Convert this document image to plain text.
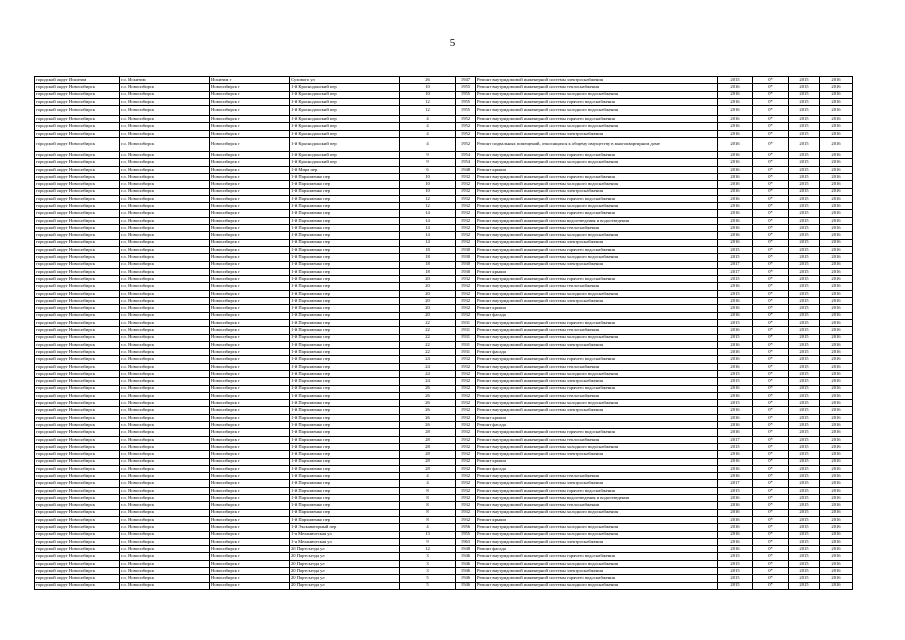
5
городской округ Искитим	г.о. Искитим	Искитим г	Сухового ул	26	1947	Ремонт внутридомовой инженерной системы электроснабжения	2015	0*	2015	2016
городской округ Новосибирск	г.о. Новосибирск	Новосибирск г	1-й Краснодонский пер	10	1955	Ремонт внутридомовой инженерной системы теплоснабжения	2016	0*	2015	2016
городской округ Новосибирск	г.о. Новосибирск	Новосибирск г	1-й Краснодонский пер	10	1955	Ремонт внутридомовой инженерной системы холодного водоснабжения	2016	0*	2015	2016
городской округ Новосибирск	г.о. Новосибирск	Новосибирск г	1-й Краснодонский пер	12	1955	Ремонт внутридомовой инженерной системы горячего водоснабжения	2016	0*	2015	2016
городской округ Новосибирск	г.о. Новосибирск	Новосибирск г	1-й Краснодонский пер	12	1955	Ремонт внутридомовой инженерной системы холодного водоснабжения	2016	0*	2015	2016
городской округ Новосибирск	г.о. Новосибирск	Новосибирск г	1-й Краснодонский пер	4	1952	Ремонт внутридомовой инженерной системы горячего водоснабжения	2016	0*	2015	2016
городской округ Новосибирск	г.о. Новосибирск	Новосибирск г	1-й Краснодонский пер	4	1952	Ремонт внутридомовой инженерной системы холодного водоснабжения	2016	0*	2015	2016
городской округ Новосибирск	г.о. Новосибирск	Новосибирск г	1-й Краснодонский пер	4	1952	Ремонт внутридомовой инженерной системы электроснабжения	2016	0*	2015	2016
городской округ Новосибирск	г.о. Новосибирск	Новосибирск г	1-й Краснодонский пер	4	1952	Ремонт подвальных помещений, относящихся к общему имуществу в многоквартирном доме	2016	0*	2015	2016
городской округ Новосибирск	г.о. Новосибирск	Новосибирск г	1-й Краснодонский пер	9	1954	Ремонт внутридомовой инженерной системы горячего водоснабжения	2016	0*	2015	2016
городской округ Новосибирск	г.о. Новосибирск	Новосибирск г	1-й Краснодонский пер	9	1954	Ремонт внутридомовой инженерной системы холодного водоснабжения	2016	0*	2015	2016
городской округ Новосибирск	г.о. Новосибирск	Новосибирск г	1-й Мира пер	6	1948	Ремонт крыши	2016	0*	2015	2016
городской округ Новосибирск	г.о. Новосибирск	Новосибирск г	1-й Пархоменко пер	10	1932	Ремонт внутридомовой инженерной системы горячего водоснабжения	2016	0*	2015	2016
городской округ Новосибирск	г.о. Новосибирск	Новосибирск г	1-й Пархоменко пер	10	1932	Ремонт внутридомовой инженерной системы холодного водоснабжения	2016	0*	2015	2016
городской округ Новосибирск	г.о. Новосибирск	Новосибирск г	1-й Пархоменко пер	10	1932	Ремонт внутридомовой инженерной системы электроснабжения	2016	0*	2015	2016
городской округ Новосибирск	г.о. Новосибирск	Новосибирск г	1-й Пархоменко пер	12	1932	Ремонт внутридомовой инженерной системы горячего водоснабжения	2016	0*	2015	2016
городской округ Новосибирск	г.о. Новосибирск	Новосибирск г	1-й Пархоменко пер	12	1932	Ремонт внутридомовой инженерной системы холодного водоснабжения	2016	0*	2015	2016
городской округ Новосибирск	г.о. Новосибирск	Новосибирск г	1-й Пархоменко пер	14	1932	Ремонт внутридомовой инженерной системы горячего водоснабжения	2016	0*	2015	2016
городской округ Новосибирск	г.о. Новосибирск	Новосибирск г	1-й Пархоменко пер	14	1932	Ремонт внутридомовой инженерной системы водоотведения и водоотведения	2016	0*	2015	2016
городской округ Новосибирск	г.о. Новосибирск	Новосибирск г	1-й Пархоменко пер	14	1932	Ремонт внутридомовой инженерной системы теплоснабжения	2016	0*	2015	2016
городской округ Новосибирск	г.о. Новосибирск	Новосибирск г	1-й Пархоменко пер	14	1932	Ремонт внутридомовой инженерной системы холодного водоснабжения	2016	0*	2015	2016
городской округ Новосибирск	г.о. Новосибирск	Новосибирск г	1-й Пархоменко пер	14	1932	Ремонт внутридомовой инженерной системы электроснабжения	2016	0*	2015	2016
городской округ Новосибирск	г.о. Новосибирск	Новосибирск г	1-й Пархоменко пер	18	1930	Ремонт внутридомовой инженерной системы горячего водоснабжения	2015	0*	2015	2016
городской округ Новосибирск	г.о. Новосибирск	Новосибирск г	1-й Пархоменко пер	18	1930	Ремонт внутридомовой инженерной системы холодного водоснабжения	2015	0*	2015	2016
городской округ Новосибирск	г.о. Новосибирск	Новосибирск г	1-й Пархоменко пер	18	1930	Ремонт внутридомовой инженерной системы электроснабжения	2017	0*	2015	2016
городской округ Новосибирск	г.о. Новосибирск	Новосибирск г	1-й Пархоменко пер	18	1930	Ремонт крыши	2017	0*	2015	2016
городской округ Новосибирск	г.о. Новосибирск	Новосибирск г	1-й Пархоменко пер	20	1932	Ремонт внутридомовой инженерной системы горячего водоснабжения	2015	0*	2015	2016
городской округ Новосибирск	г.о. Новосибирск	Новосибирск г	1-й Пархоменко пер	20	1932	Ремонт внутридомовой инженерной системы теплоснабжения	2016	0*	2015	2016
городской округ Новосибирск	г.о. Новосибирск	Новосибирск г	1-й Пархоменко пер	20	1932	Ремонт внутридомовой инженерной системы холодного водоснабжения	2015	0*	2015	2016
городской округ Новосибирск	г.о. Новосибирск	Новосибирск г	1-й Пархоменко пер	20	1932	Ремонт внутридомовой инженерной системы электроснабжения	2016	0*	2015	2016
городской округ Новосибирск	г.о. Новосибирск	Новосибирск г	1-й Пархоменко пер	20	1932	Ремонт крыши	2016	0*	2015	2016
городской округ Новосибирск	г.о. Новосибирск	Новосибирск г	1-й Пархоменко пер	20	1932	Ремонт фасада	2016	0*	2015	2016
городской округ Новосибирск	г.о. Новосибирск	Новосибирск г	1-й Пархоменко пер	22	1931	Ремонт внутридомовой инженерной системы горячего водоснабжения	2015	0*	2015	2016
городской округ Новосибирск	г.о. Новосибирск	Новосибирск г	1-й Пархоменко пер	22	1931	Ремонт внутридомовой инженерной системы теплоснабжения	2016	0*	2015	2016
городской округ Новосибирск	г.о. Новосибирск	Новосибирск г	1-й Пархоменко пер	22	1931	Ремонт внутридомовой инженерной системы холодного водоснабжения	2015	0*	2015	2016
городской округ Новосибирск	г.о. Новосибирск	Новосибирск г	1-й Пархоменко пер	22	1931	Ремонт внутридомовой инженерной системы электроснабжения	2016	0*	2015	2016
городской округ Новосибирск	г.о. Новосибирск	Новосибирск г	1-й Пархоменко пер	22	1931	Ремонт фасада	2016	0*	2015	2016
городской округ Новосибирск	г.о. Новосибирск	Новосибирск г	1-й Пархоменко пер	24	1932	Ремонт внутридомовой инженерной системы горячего водоснабжения	2016	0*	2015	2016
городской округ Новосибирск	г.о. Новосибирск	Новосибирск г	1-й Пархоменко пер	24	1932	Ремонт внутридомовой инженерной системы теплоснабжения	2016	0*	2015	2016
городской округ Новосибирск	г.о. Новосибирск	Новосибирск г	1-й Пархоменко пер	24	1932	Ремонт внутридомовой инженерной системы холодного водоснабжения	2015	0*	2015	2016
городской округ Новосибирск	г.о. Новосибирск	Новосибирск г	1-й Пархоменко пер	24	1932	Ремонт внутридомовой инженерной системы электроснабжения	2015	0*	2015	2016
городской округ Новосибирск	г.о. Новосибирск	Новосибирск г	1-й Пархоменко пер	26	1932	Ремонт внутридомовой инженерной системы горячего водоснабжения	2016	0*	2015	2016
городской округ Новосибирск	г.о. Новосибирск	Новосибирск г	1-й Пархоменко пер	26	1932	Ремонт внутридомовой инженерной системы теплоснабжения	2016	0*	2015	2016
городской округ Новосибирск	г.о. Новосибирск	Новосибирск г	1-й Пархоменко пер	26	1932	Ремонт внутридомовой инженерной системы холодного водоснабжения	2015	0*	2015	2016
городской округ Новосибирск	г.о. Новосибирск	Новосибирск г	1-й Пархоменко пер	26	1932	Ремонт внутридомовой инженерной системы электроснабжения	2016	0*	2015	2016
городской округ Новосибирск	г.о. Новосибирск	Новосибирск г	1-й Пархоменко пер	26	1932	Ремонт крыши	2016	0*	2015	2016
городской округ Новосибирск	г.о. Новосибирск	Новосибирск г	1-й Пархоменко пер	26	1932	Ремонт фасада	2016	0*	2015	2016
городской округ Новосибирск	г.о. Новосибирск	Новосибирск г	1-й Пархоменко пер	28	1932	Ремонт внутридомовой инженерной системы горячего водоснабжения	2016	0*	2015	2016
городской округ Новосибирск	г.о. Новосибирск	Новосибирск г	1-й Пархоменко пер	28	1932	Ремонт внутридомовой инженерной системы теплоснабжения	2017	0*	2015	2016
городской округ Новосибирск	г.о. Новосибирск	Новосибирск г	1-й Пархоменко пер	28	1932	Ремонт внутридомовой инженерной системы холодного водоснабжения	2015	0*	2015	2016
городской округ Новосибирск	г.о. Новосибирск	Новосибирск г	1-й Пархоменко пер	28	1932	Ремонт внутридомовой инженерной системы электроснабжения	2016	0*	2015	2016
городской округ Новосибирск	г.о. Новосибирск	Новосибирск г	1-й Пархоменко пер	28	1932	Ремонт крыши	2016	0*	2015	2016
городской округ Новосибирск	г.о. Новосибирск	Новосибирск г	1-й Пархоменко пер	28	1932	Ремонт фасада	2016	0*	2015	2016
городской округ Новосибирск	г.о. Новосибирск	Новосибирск г	1-й Пархоменко пер	4	1932	Ремонт внутридомовой инженерной системы теплоснабжения	2016	0*	2015	2016
городской округ Новосибирск	г.о. Новосибирск	Новосибирск г	1-й Пархоменко пер	4	1932	Ремонт внутридомовой инженерной системы электроснабжения	2017	0*	2015	2016
городской округ Новосибирск	г.о. Новосибирск	Новосибирск г	1-й Пархоменко пер	8	1932	Ремонт внутридомовой инженерной системы горячего водоснабжения	2015	0*	2015	2016
городской округ Новосибирск	г.о. Новосибирск	Новосибирск г	1-й Пархоменко пер	8	1932	Ремонт внутридомовой инженерной системы водоотведения и водоотведения	2016	0*	2015	2016
городской округ Новосибирск	г.о. Новосибирск	Новосибирск г	1-й Пархоменко пер	8	1932	Ремонт внутридомовой инженерной системы теплоснабжения	2016	0*	2015	2016
городской округ Новосибирск	г.о. Новосибирск	Новосибирск г	1-й Пархоменко пер	8	1932	Ремонт внутридомовой инженерной системы холодного водоснабжения	2016	0*	2015	2016
городской округ Новосибирск	г.о. Новосибирск	Новосибирск г	1-й Пархоменко пер	8	1932	Ремонт крыши	2016	0*	2015	2016
городской округ Новосибирск	г.о. Новосибирск	Новосибирск г	1-й Экскаваторный пер	4	1956	Ремонт внутридомовой инженерной системы холодного водоснабжения	2016	0*	2015	2016
городской округ Новосибирск	г.о. Новосибирск	Новосибирск г	1-я Механическая ул	13	1955	Ремонт внутридомовой инженерной системы холодного водоснабжения	2016	0*	2015	2016
городской округ Новосибирск	г.о. Новосибирск	Новосибирск г	1-я Механическая ул	9	1963	Ремонт внутридомовой инженерной системы электроснабжения	2016	0*	2015	2016
городской округ Новосибирск	г.о. Новосибирск	Новосибирск г	20 Партсъезда ул	12	1948	Ремонт фасада	2016	0*	2015	2016
городской округ Новосибирск	г.о. Новосибирск	Новосибирск г	20 Партсъезда ул	3	1946	Ремонт внутридомовой инженерной системы горячего водоснабжения	2015	0*	2015	2016
городской округ Новосибирск	г.о. Новосибирск	Новосибирск г	20 Партсъезда ул	3	1946	Ремонт внутридомовой инженерной системы холодного водоснабжения	2015	0*	2015	2016
городской округ Новосибирск	г.о. Новосибирск	Новосибирск г	20 Партсъезда ул	3	1946	Ремонт внутридомовой инженерной системы электроснабжения	2015	0*	2015	2016
городской округ Новосибирск	г.о. Новосибирск	Новосибирск г	20 Партсъезда ул	5	1946	Ремонт внутридомовой инженерной системы горячего водоснабжения	2015	0*	2015	2016
городской округ Новосибирск	г.о. Новосибирск	Новосибирск г	20 Партсъезда ул	5	1946	Ремонт внутридомовой инженерной системы холодного водоснабжения	2015	0*	2015	2016
